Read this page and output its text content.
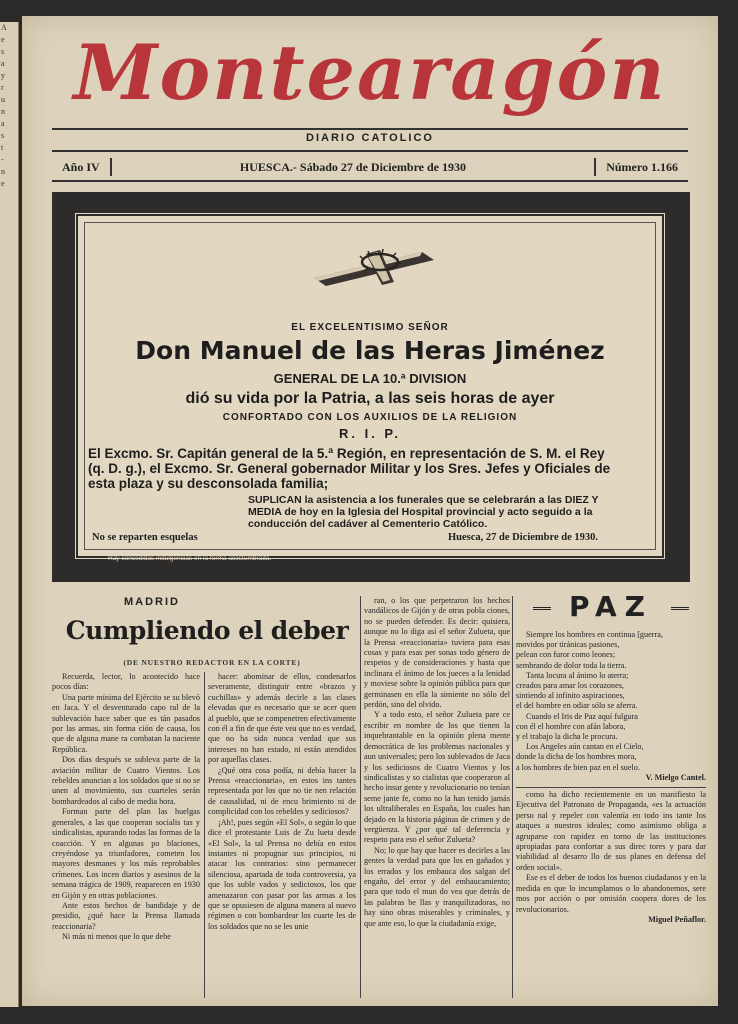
A
e
s
a
y
r
u
n
a
s
t
-
n
e
Montearagón
DIARIO CATOLICO
Año IV	HUESCA.- Sábado 27 de Diciembre de 1930	Número 1.166
EL EXCELENTISIMO SEÑOR
Don Manuel de las Heras Jiménez
GENERAL DE LA 10.ª DIVISION
dió su vida por la Patria, a las seis horas de ayer
CONFORTADO CON LOS AUXILIOS DE LA RELIGION
R. I. P.
El Excmo. Sr. Capitán general de la 5.ª Región, en representación de S. M. el Rey (q. D. g.), el Excmo. Sr. General gobernador Militar y los Sres. Jefes y Oficiales de esta plaza y su desconsolada familia;
SUPLICAN la asistencia a los funerales que se celebrarán a las DIEZ Y MEDIA de hoy en la Iglesia del Hospital provincial y acto seguido a la conducción del cadáver al Cementerio Católico.
No se reparten esquelas	Huesca, 27 de Diciembre de 1930.
Hay concedidas indulgencias en la forma acostumbrada.
MADRID
Cumpliendo el deber
(DE NUESTRO REDACTOR EN LA CORTE)

Recuerda, lector, lo acontecido hace pocos días:

Una parte mínima del Ejército se su blevó en Jaca. Y el desventurado capo ral de la sublevación hace saber que es tán pasados por las armas, sin forma ción de causa, los que de alguna mane ra combatan la naciente República.

Dos días después se subleva parte de la aviación militar de Cuatro Vientos. Los rebeldes anuncian a los soldados que si no se unen al movimiento, sus cuarteles serán bombardeados al cabo de media hora.

Forman parte del plan las huelgas generales, a las que cooperan socialis tas y sindicalistas, apurando todas las formas de la coacción. Y en algunas po blaciones, creyéndose ya triunfadores, cometen los mayores desmanes y los más reprobables crímenes. Los incen diarios y asesinos de la semana trágica de 1909, reaparecen en 1930 en Gijón y en otras poblaciones.

Ante estos hechos de bandidaje y de presidio, ¿qué hace la Prensa llamada reaccionaria?

Ni más ni menos que lo que debe

hacer: abominar de ellos, condenarlos severamente, distinguir entre «brazos y cuchillas» y además decirle a las clases elevadas que es necesario que se acer quen al pueblo, que se compenetren efectivamente con él a fin de que éste vea que no es verdad, que no ha sido nunca verdad que sus intereses no han estado, ni están atendidos por aquellas clases.

¿Qué otra cosa podía, ni debía hacer la Prensa «reaccionaria», en estos ins tantes representada por los que no tie nen relación de causalidad, ni de encu brimiento ni de complicidad con los rebeldes y sediciosos?

¡Ah!, pues según «El Sol», o según lo que dice el protestante Luis de Zu lueta desde «El Sol», la tal Prensa no debía en estos instantes ni propugnar sus principios, ni atacar los contrarios: sino permanecer silenciosa, apartada de toda controversia, ya que los suble vados y sediciosos, los que amenazaron con pasar por las armas a los que se opusiesen de alguna manera al nuevo régimen o con bombardear los cuarte les de los soldados que no se les unie

ran, o los que perpetraron los hechos vandálicos de Gijón y de otras pobla ciones, no se pueden defender. Es decir: quisiera, aunque no lo diga así el señor Zulueta, que la Prensa «reaccionaria» tuviera para esas cosas y para esas per sonas todo género de respetos y de consideraciones y hasta que inclinara el ánimo de los jueces a la lenidad y moviese sobre la opinión pública para que germinasen en ella la simiente no sólo del perdón, sino del olvido.

Y a todo esto, el señor Zulueta pare ce escribir en nombre de los que tienen la inquebrantable en la opinión plena mente democrática de los problemas nacionales y aun universales; pero los sublevados de Jaca y los sediciosos de Cuatro Vientos y los sindicalistas y so cialistas que cooperaron al hecho insur gente y revolucionario no tenían seme jante fe, como no la han tenido jamás los ultraliberales en España, los cuales han dejado en la historia páginas de crimen y de vergüenza. Y ¿por qué tal deferencia y respeto para eso el señor Zulueta?

No; lo que hay que hacer es decirles a las gentes la verdad para que los en gañados y los errados y los embauca dos salgan del engaño, del error y del embaucamiento; para que todo el mun do vea que detrás de las palabras be llas y tranquilizadoras, no hay sino obras miserables y criminales, y que ante eso, lo que la ciudadanía exige,

PAZ
Siempre los hombres en continua [guerra,
movidos por tiránicas pasiones,
pelean con furor como leones;
sembrando de dolor toda la tierra.
Tanta locura al ánimo lo aterra;
creados para amar los corazones,
sintiendo al infinito aspiraciones,
el del hombre en odiar sólo se aferra.
Cuando el Iris de Paz aquí fulgura
con él el hombre con afán labora,
y el trabajo la dicha le procura.
Los Angeles aún cantan en el Cielo,
donde la dicha de los hombres mora,
a los hombres de bien paz en el suelo.
V. Mielgo Cantel.

como ha dicho recientemente en un manifiesto la Ejecutiva del Patronato de Propaganda, «es la actuación perso nal y repeler con valentía en todo ins tante los ataques a nuestros ideales; como asimismo obliga a agruparse con rapidez en torno de las instituciones apropiadas para confortar a sus direc tores y para dar viabilidad al desarro llo de sus planes en defensa del orden social».

Ese es el deber de todos los buenos ciudadanos y en la medida en que lo incumplamos o lo abandonemos, sere mos por acción o por omisión coopera dores de los revolucionarios.

Miguel Peñaflor.
